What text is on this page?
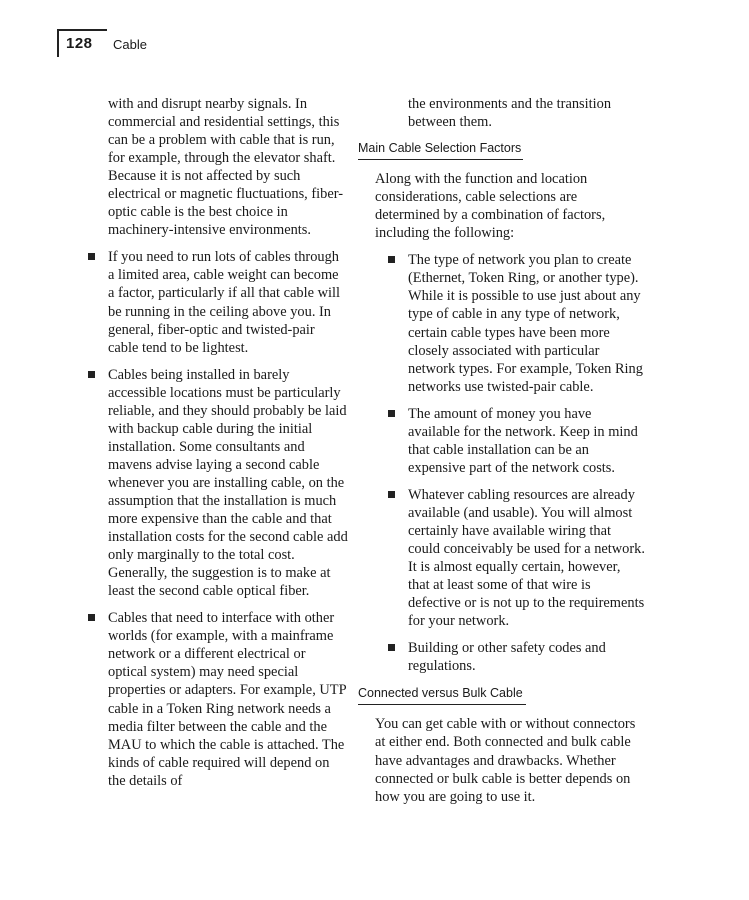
128 Cable

with and disrupt nearby signals. In commercial and residential settings, this can be a problem with cable that is run, for example, through the elevator shaft. Because it is not affected by such electrical or magnetic fluctuations, fiber-optic cable is the best choice in machinery-intensive environments.

If you need to run lots of cables through a limited area, cable weight can become a factor, particularly if all that cable will be running in the ceiling above you. In general, fiber-optic and twisted-pair cable tend to be lightest.
Cables being installed in barely accessible locations must be particularly reliable, and they should probably be laid with backup cable during the initial installation. Some consultants and mavens advise laying a second cable whenever you are installing cable, on the assumption that the installation is much more expensive than the cable and that installation costs for the second cable add only marginally to the total cost. Generally, the suggestion is to make at least the second cable optical fiber.
Cables that need to interface with other worlds (for example, with a mainframe network or a different electrical or optical system) may need special properties or adapters. For example, UTP cable in a Token Ring network needs a media filter between the cable and the MAU to which the cable is attached. The kinds of cable required will depend on the details of

the environments and the transition between them.

Main Cable Selection Factors

Along with the function and location considerations, cable selections are determined by a combination of factors, including the following:

The type of network you plan to create (Ethernet, Token Ring, or another type). While it is possible to use just about any type of cable in any type of network, certain cable types have been more closely associated with particular network types. For example, Token Ring networks use twisted-pair cable.
The amount of money you have available for the network. Keep in mind that cable installation can be an expensive part of the network costs.
Whatever cabling resources are already available (and usable). You will almost certainly have available wiring that could conceivably be used for a network. It is almost equally certain, however, that at least some of that wire is defective or is not up to the requirements for your network.
Building or other safety codes and regulations.
Connected versus Bulk Cable

You can get cable with or without connectors at either end. Both connected and bulk cable have advantages and drawbacks. Whether connected or bulk cable is better depends on how you are going to use it.
